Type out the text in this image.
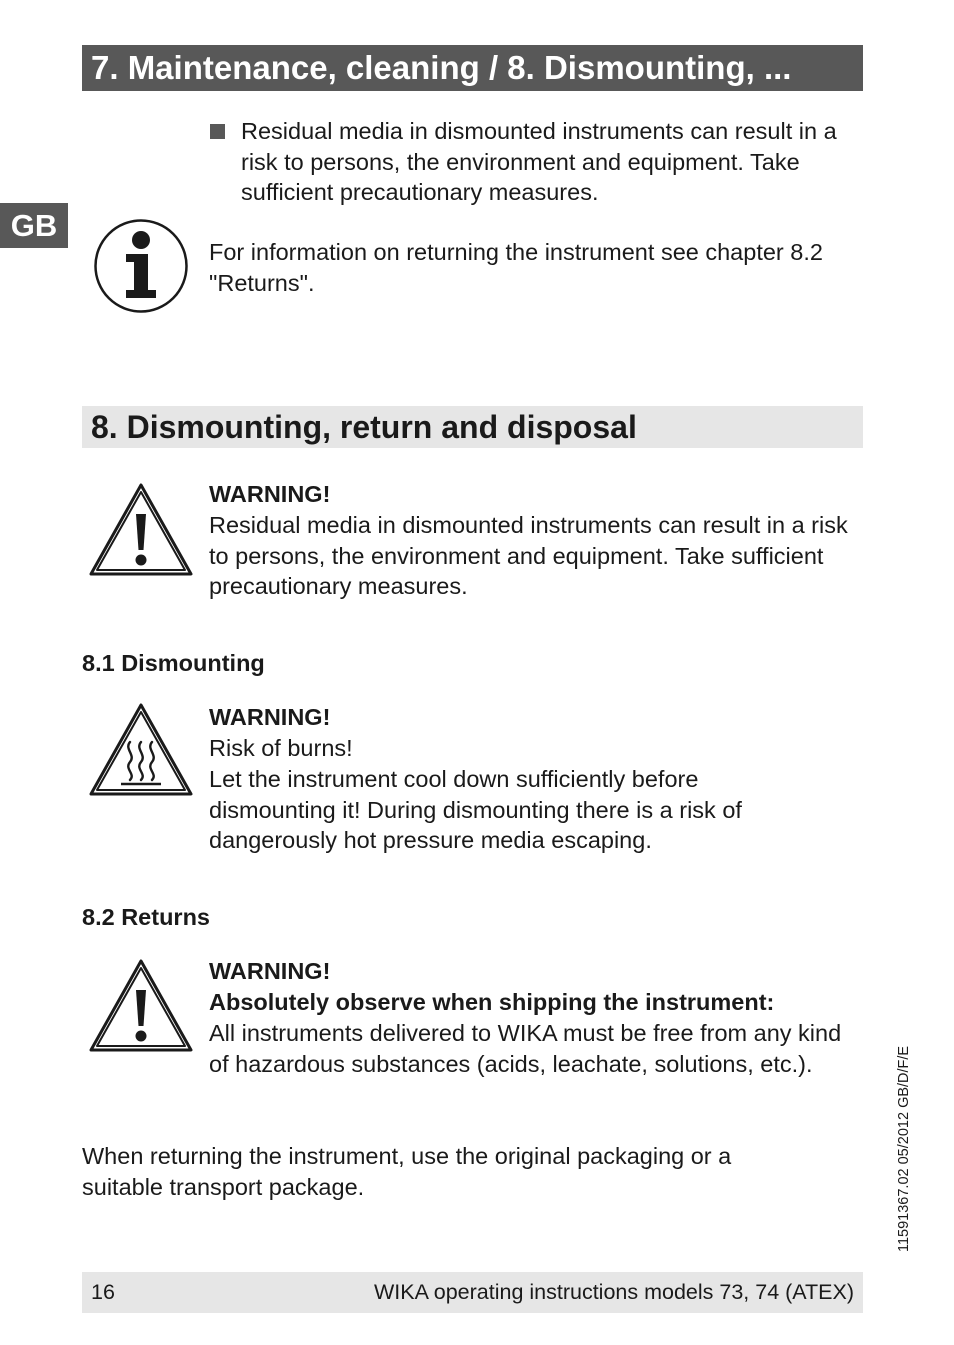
7. Maintenance, cleaning / 8. Dismounting, ...
GB
Residual media in dismounted instruments can result in a risk to persons, the environment and equipment. Take sufficient precautionary measures.
For information on returning the instrument see chapter 8.2 "Returns".
8. Dismounting, return and disposal
WARNING!
Residual media in dismounted instruments can result in a risk to persons, the environment and equipment. Take sufficient precautionary measures.
8.1 Dismounting
WARNING!
Risk of burns!
Let the instrument cool down sufficiently before dismounting it! During dismounting there is a risk of dangerously hot pressure media escaping.
8.2 Returns
WARNING!
Absolutely observe when shipping the instrument:
All instruments delivered to WIKA must be free from any kind of hazardous substances (acids, leachate, solutions, etc.).
When returning the instrument, use the original packaging or a suitable transport package.	11591367.02 05/2012 GB/D/F/E
16	WIKA operating instructions models 73, 74 (ATEX)
